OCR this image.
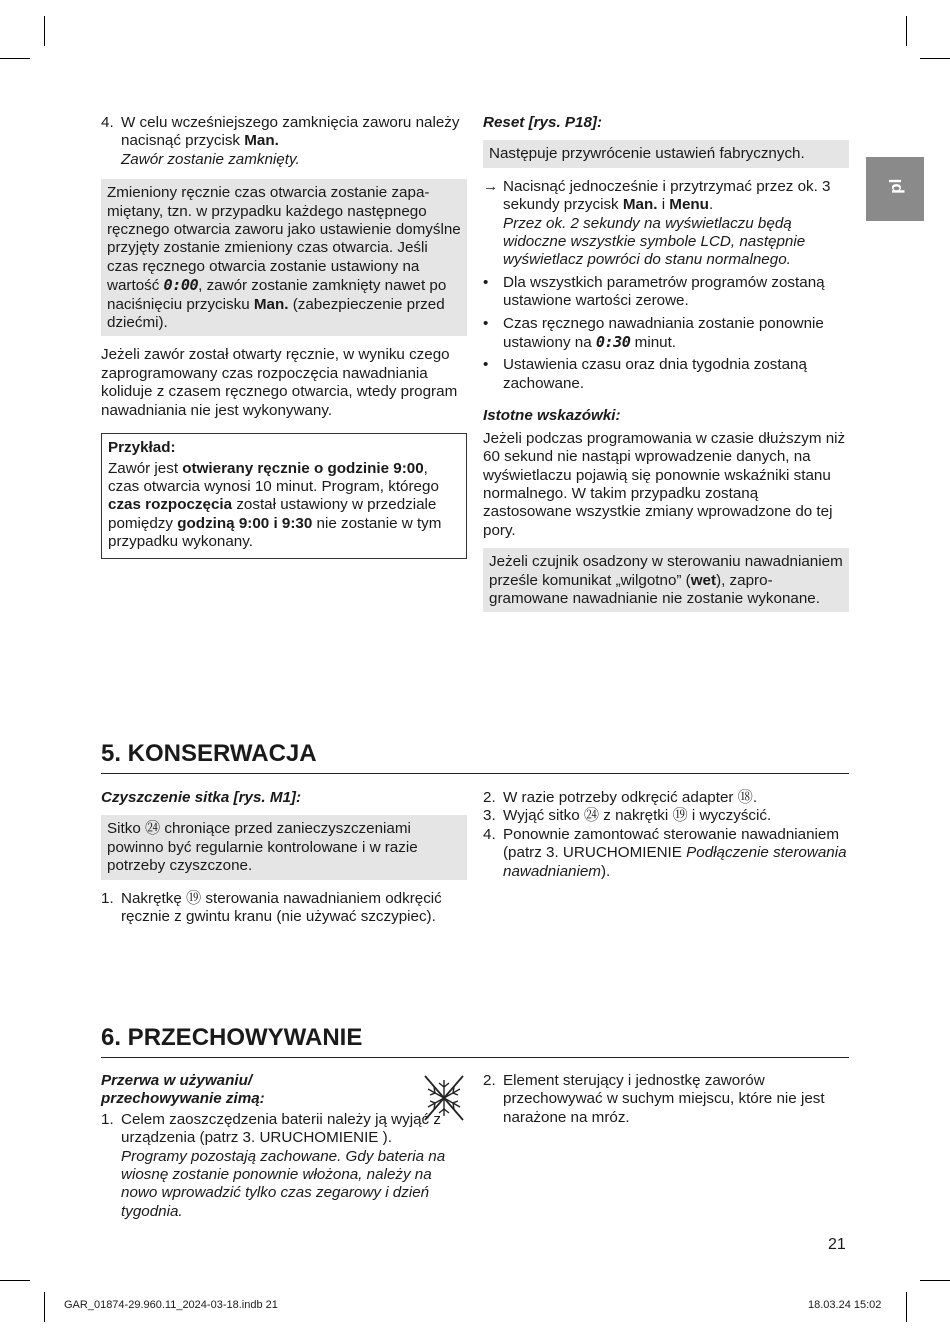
pl
4. W celu wcześniejszego zamknięcia zaworu należy nacisnąć przycisk Man.
Zawór zostanie zamknięty.

Zmieniony ręcznie czas otwarcia zostanie zapamiętany, tzn. w przypadku każdego następnego ręcznego otwarcia zaworu jako ustawienie domyślne przyjęty zostanie zmieniony czas otwarcia. Jeśli czas ręcznego otwarcia zostanie ustawiony na wartość 0:00, zawór zostanie zamknięty nawet po naciśnięciu przycisku Man. (zabezpieczenie przed dziećmi).

Jeżeli zawór został otwarty ręcznie, w wyniku czego zaprogramowany czas rozpoczęcia nawadniania koliduje z czasem ręcznego otwarcia, wtedy program nawadniania nie jest wykonywany.

Przykład:

Zawór jest otwierany ręcznie o godzinie 9:00, czas otwarcia wynosi 10 minut. Program, którego czas rozpoczęcia został ustawiony w przedziale pomiędzy godziną 9:00 i 9:30 nie zostanie w tym przypadku wykonany.

Reset [rys. P18]:

Następuje przywrócenie ustawień fabrycznych.

→ Nacisnąć jednocześnie i przytrzymać przez ok. 3 sekundy przycisk Man. i Menu.
Przez ok. 2 sekundy na wyświetlaczu będą widoczne wszystkie symbole LCD, następnie wyświetlacz powróci do stanu normalnego.
• Dla wszystkich parametrów programów zostaną ustawione wartości zerowe.
• Czas ręcznego nawadniania zostanie ponownie ustawiony na 0:30 minut.
• Ustawienia czasu oraz dnia tygodnia zostaną zachowane.

Istotne wskazówki:

Jeżeli podczas programowania w czasie dłuższym niż 60 sekund nie nastąpi wprowadzenie danych, na wyświetlaczu pojawią się ponownie wskaźniki stanu normalnego. W takim przypadku zostaną zastosowane wszystkie zmiany wprowadzone do tej pory.

Jeżeli czujnik osadzony w sterowaniu nawadnianiem prześle komunikat „wilgotno” (wet), zaprogramowane nawadnianie nie zostanie wykonane.

5. KONSERWACJA

Czyszczenie sitka [rys. M1]:

Sitko ㉔ chroniące przed zanieczyszczeniami powinno być regularnie kontrolowane i w razie potrzeby czyszczone.

1. Nakrętkę ⑲ sterowania nawadnianiem odkręcić ręcznie z gwintu kranu (nie używać szczypiec).
2. W razie potrzeby odkręcić adapter ⑱.
3. Wyjąć sitko ㉔ z nakrętki ⑲ i wyczyścić.
4. Ponownie zamontować sterowanie nawadnianiem (patrz 3. URUCHOMIENIE Podłączenie sterowania nawadnianiem).
6. PRZECHOWYWANIE

Przerwa w używaniu/
przechowywanie zimą:

1. Celem zaoszczędzenia baterii należy ją wyjąć z urządzenia (patrz 3. URUCHOMIENIE ).
Programy pozostają zachowane. Gdy bateria na wiosnę zostanie ponownie włożona, należy na nowo wprowadzić tylko czas zegarowy i dzień tygodnia.
2. Element sterujący i jednostkę zaworów przechowywać w suchym miejscu, które nie jest narażone na mróz.
21
GAR_01874-29.960.11_2024-03-18.indb 21	18.03.24 15:02
